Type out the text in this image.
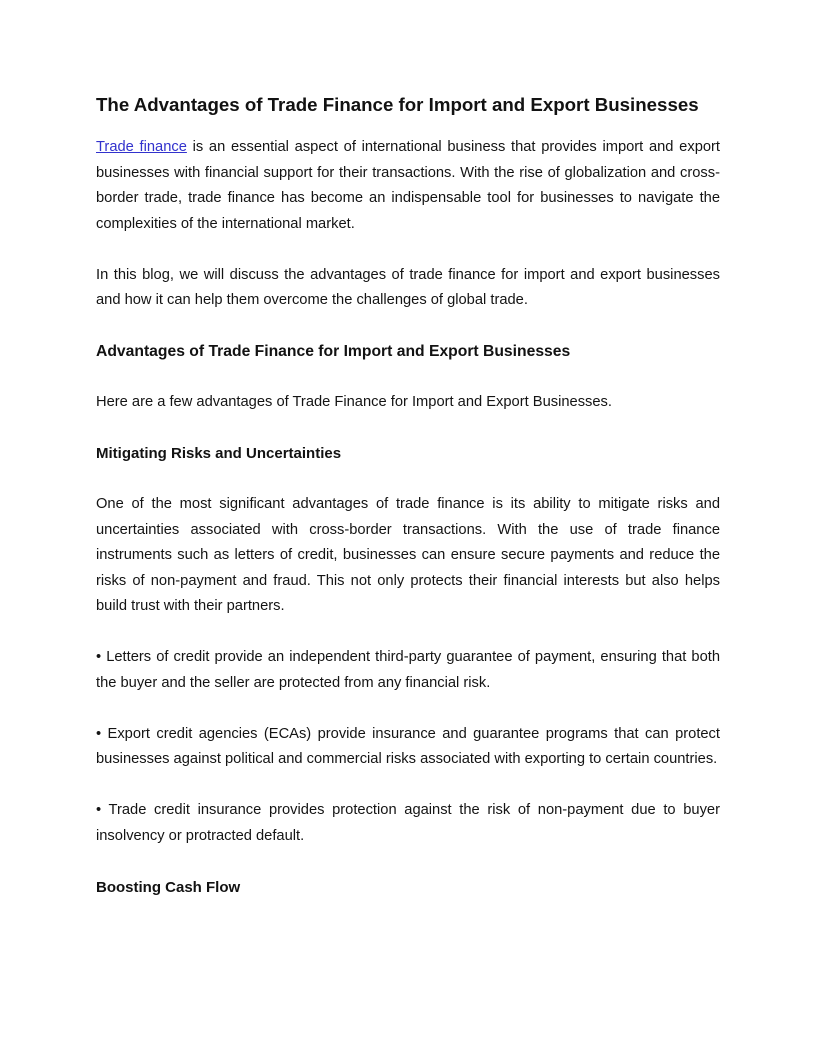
The Advantages of Trade Finance for Import and Export Businesses

Trade finance is an essential aspect of international business that provides import and export businesses with financial support for their transactions. With the rise of globalization and cross-border trade, trade finance has become an indispensable tool for businesses to navigate the complexities of the international market.

In this blog, we will discuss the advantages of trade finance for import and export businesses and how it can help them overcome the challenges of global trade.

Advantages of Trade Finance for Import and Export Businesses

Here are a few advantages of Trade Finance for Import and Export Businesses.

Mitigating Risks and Uncertainties

One of the most significant advantages of trade finance is its ability to mitigate risks and uncertainties associated with cross-border transactions. With the use of trade finance instruments such as letters of credit, businesses can ensure secure payments and reduce the risks of non-payment and fraud. This not only protects their financial interests but also helps build trust with their partners.

• Letters of credit provide an independent third-party guarantee of payment, ensuring that both the buyer and the seller are protected from any financial risk.

• Export credit agencies (ECAs) provide insurance and guarantee programs that can protect businesses against political and commercial risks associated with exporting to certain countries.

• Trade credit insurance provides protection against the risk of non-payment due to buyer insolvency or protracted default.

Boosting Cash Flow
